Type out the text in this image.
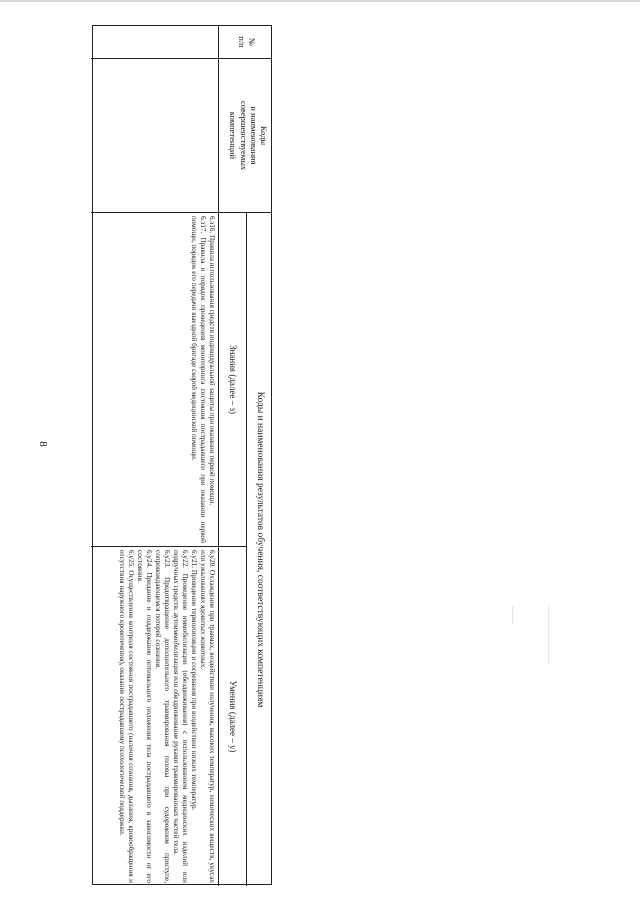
8
№
п/п
Коды
и наименования
совершенствуемых
компетенций
Коды и наименования результатов обучения, соответствующих компетенциям
Знания (далее – з)
Умения (далее – у)

6.з16. Правила использования средств индивидуальной защиты при оказании первой помощи.

6.з17. Правила и порядок проведения мониторинга состояния пострадавшего при оказании первой помощи, порядок его передачи выездной бригаде скорой медицинской помощи.

6.у20. Охлаждение при травмах, воздействии излучения, высоких температур, химических веществ, укусах или ужаливаниях ядовитых животных.

6.у21. Проведение термоизоляции и согревания при воздействии низких температур.

6.у22. Проведение иммобилизации (обездвиживания) с использованием медицинских изделий или подручных средств; аутоиммобилизация или обездвиживание руками травмированных частей тела.

6.у23. Предотвращение дополнительного травмирования головы при судорожном приступе, сопровождающемся потерей сознания.

6.у24. Придание и поддержание оптимального положения тела пострадавшего в зависимости от его состояния.

6.у25. Осуществление контроля состояния пострадавшего (наличия сознания, дыхания, кровообращения и отсутствия наружного кровотечения), оказание пострадавшему психологической поддержки.
